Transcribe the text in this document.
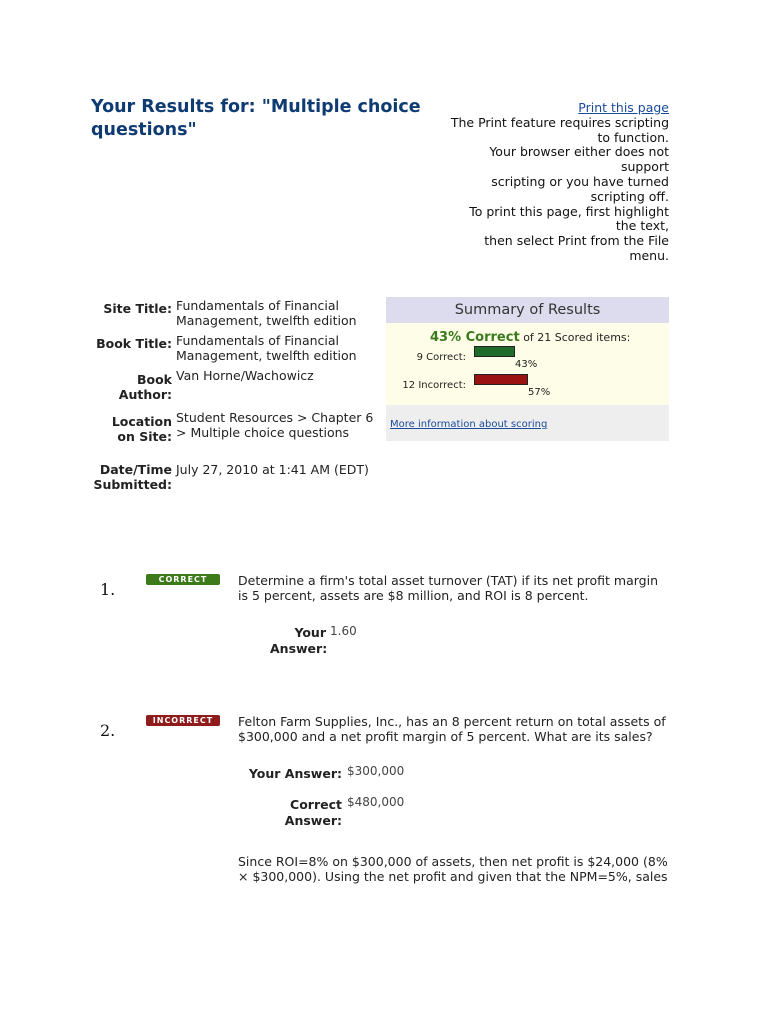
Your Results for: "Multiple choice questions"
Print this page
The Print feature requires scripting
to function.
Your browser either does not
support
scripting or you have turned
scripting off.
To print this page, first highlight
the text,
then select Print from the File
menu.
Site Title:	Fundamentals of Financial Management, twelfth edition
Book Title:	Fundamentals of Financial Management, twelfth edition
Book Author:	Van Horne/Wachowicz
Location on Site:	Student Resources > Chapter 6 > Multiple choice questions
Date/Time Submitted:	July 27, 2010 at 1:41 AM (EDT)
Summary of Results
43% Correct of 21 Scored items:
9 Correct:
43%
12 Incorrect:
57%
More information about scoring
1.
CORRECT	Determine a firm's total asset turnover (TAT) if its net profit margin is 5 percent, assets are $8 million, and ROI is 8 percent.
Your Answer:
1.60
2.
INCORRECT	Felton Farm Supplies, Inc., has an 8 percent return on total assets of $300,000 and a net profit margin of 5 percent. What are its sales?
Your Answer: $300,000
Correct Answer:
$480,000
Since ROI=8% on $300,000 of assets, then net profit is $24,000 (8% × $300,000). Using the net profit and given that the NPM=5%, sales
